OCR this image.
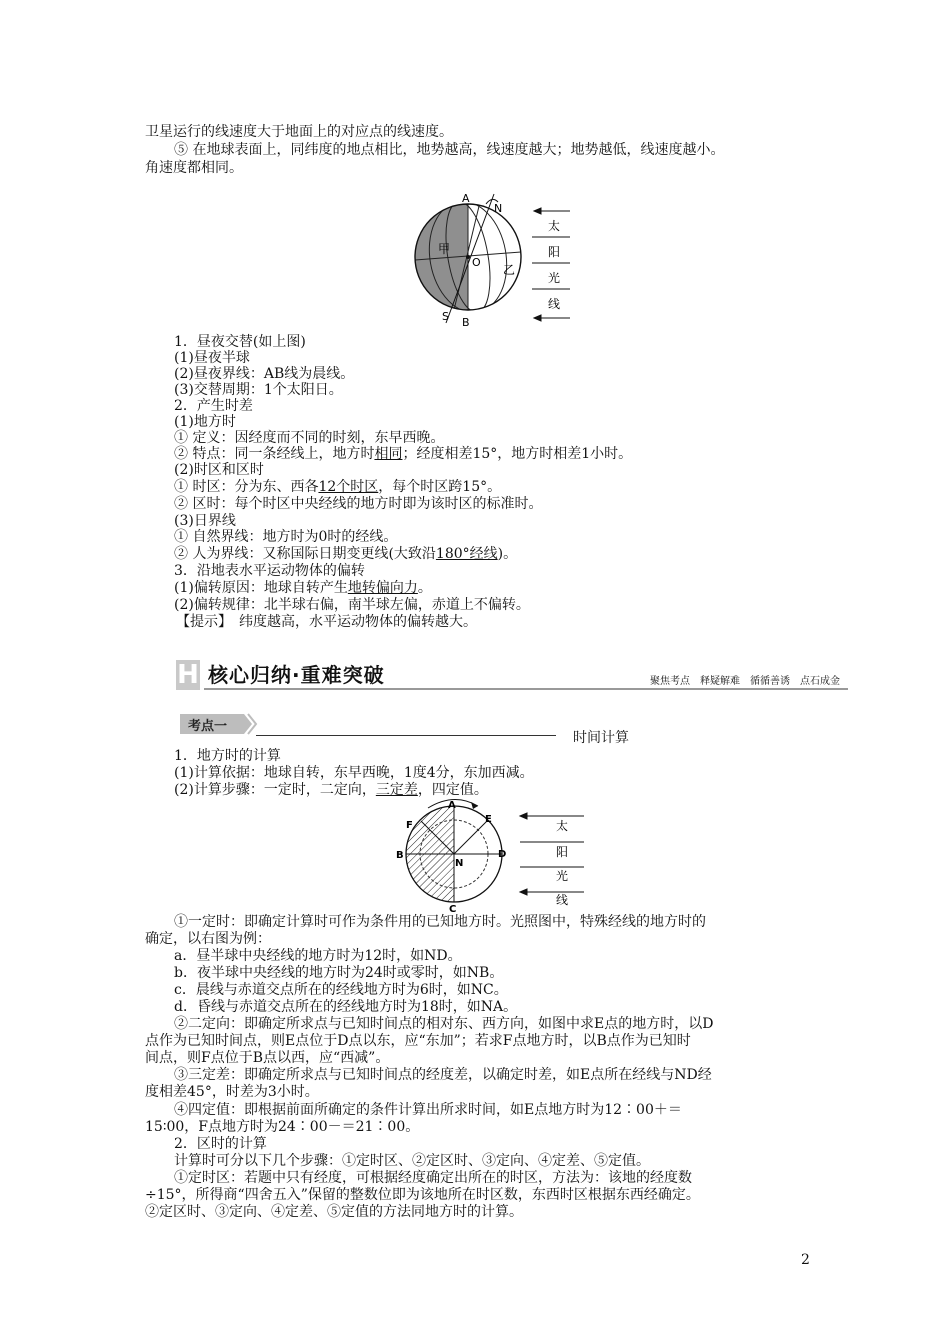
卫星运行的线速度大于地面上的对应点的线速度。
⑤ 在地球表面上，同纬度的地点相比，地势越高，线速度越大；地势越低，线速度越小。
角速度都相同。
A
N
S B
O
甲
乙
太
阳
光
线
1．昼夜交替(如上图)
(1)昼夜半球
(2)昼夜界线：AB线为晨线。
(3)交替周期：1个太阳日。
2．产生时差
(1)地方时
① 定义：因经度而不同的时刻，东早西晚。
② 特点：同一条经线上，地方时相同；经度相差15°，地方时相差1小时。
(2)时区和区时
① 时区：分为东、西各12个时区，每个时区跨15°。
② 区时：每个时区中央经线的地方时即为该时区的标准时。
(3)日界线
① 自然界线：地方时为0时的经线。
② 人为界线：又称国际日期变更线(大致沿180°经线)。
3．沿地表水平运动物体的偏转
(1)偏转原因：地球自转产生地转偏向力。
(2)偏转规律：北半球右偏，南半球左偏，赤道上不偏转。
【提示】　纬度越高，水平运动物体的偏转越大。
H 核心归纳·重难突破	聚焦考点　释疑解难　循循善诱　点石成金
考点一
时间计算
1．地方时的计算
(1)计算依据：地球自转，东早西晚，1度4分，东加西减。
(2)计算步骤：一定时，二定向，三定差，四定值。
A
E
F
B
N
D
C
太
阳
光
线
①一定时：即确定计算时可作为条件用的已知地方时。光照图中，特殊经线的地方时的
确定，以右图为例：
a．昼半球中央经线的地方时为12时，如ND。
b．夜半球中央经线的地方时为24时或零时，如NB。
c．晨线与赤道交点所在的经线地方时为6时，如NC。
d．昏线与赤道交点所在的经线地方时为18时，如NA。
②二定向：即确定所求点与已知时间点的相对东、西方向，如图中求E点的地方时，以D
点作为已知时间点，则E点位于D点以东，应“东加”；若求F点地方时，以B点作为已知时
间点，则F点位于B点以西，应“西减”。
③三定差：即确定所求点与已知时间点的经度差，以确定时差，如E点所在经线与ND经
度相差45°，时差为3小时。
④四定值：即根据前面所确定的条件计算出所求时间，如E点地方时为12∶00＋＝
15∶00，F点地方时为24∶00－＝21∶00。
2．区时的计算
计算时可分以下几个步骤：①定时区、②定区时、③定向、④定差、⑤定值。
①定时区：若题中只有经度，可根据经度确定出所在的时区，方法为：该地的经度数
÷15°，所得商“四舍五入”保留的整数位即为该地所在时区数，东西时区根据东西经确定。
②定区时、③定向、④定差、⑤定值的方法同地方时的计算。
2
